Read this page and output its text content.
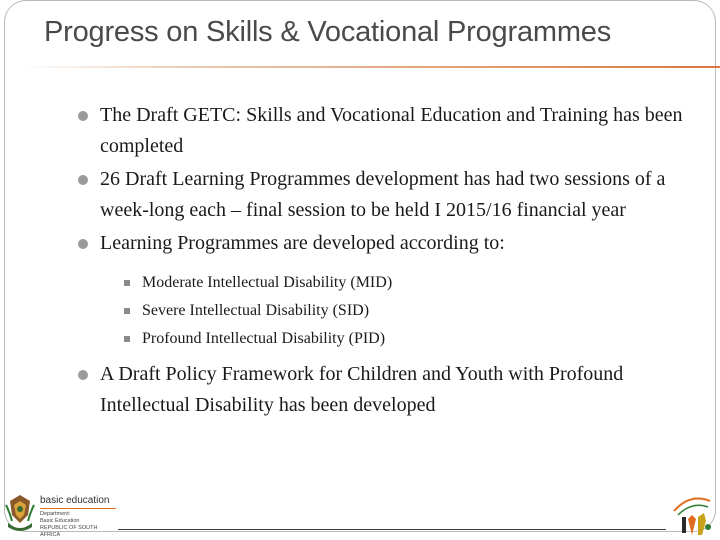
Progress on Skills & Vocational Programmes
The Draft GETC: Skills and Vocational Education and Training has been completed
26 Draft Learning Programmes development has had two sessions of a week-long each – final session to be held I 2015/16 financial year
Learning Programmes are developed according to:
Moderate Intellectual Disability (MID)
Severe Intellectual Disability (SID)
Profound Intellectual Disability (PID)
A Draft Policy Framework for Children and Youth with Profound Intellectual Disability has been developed
basic education
Department:
Basic Education
REPUBLIC OF SOUTH AFRICA
